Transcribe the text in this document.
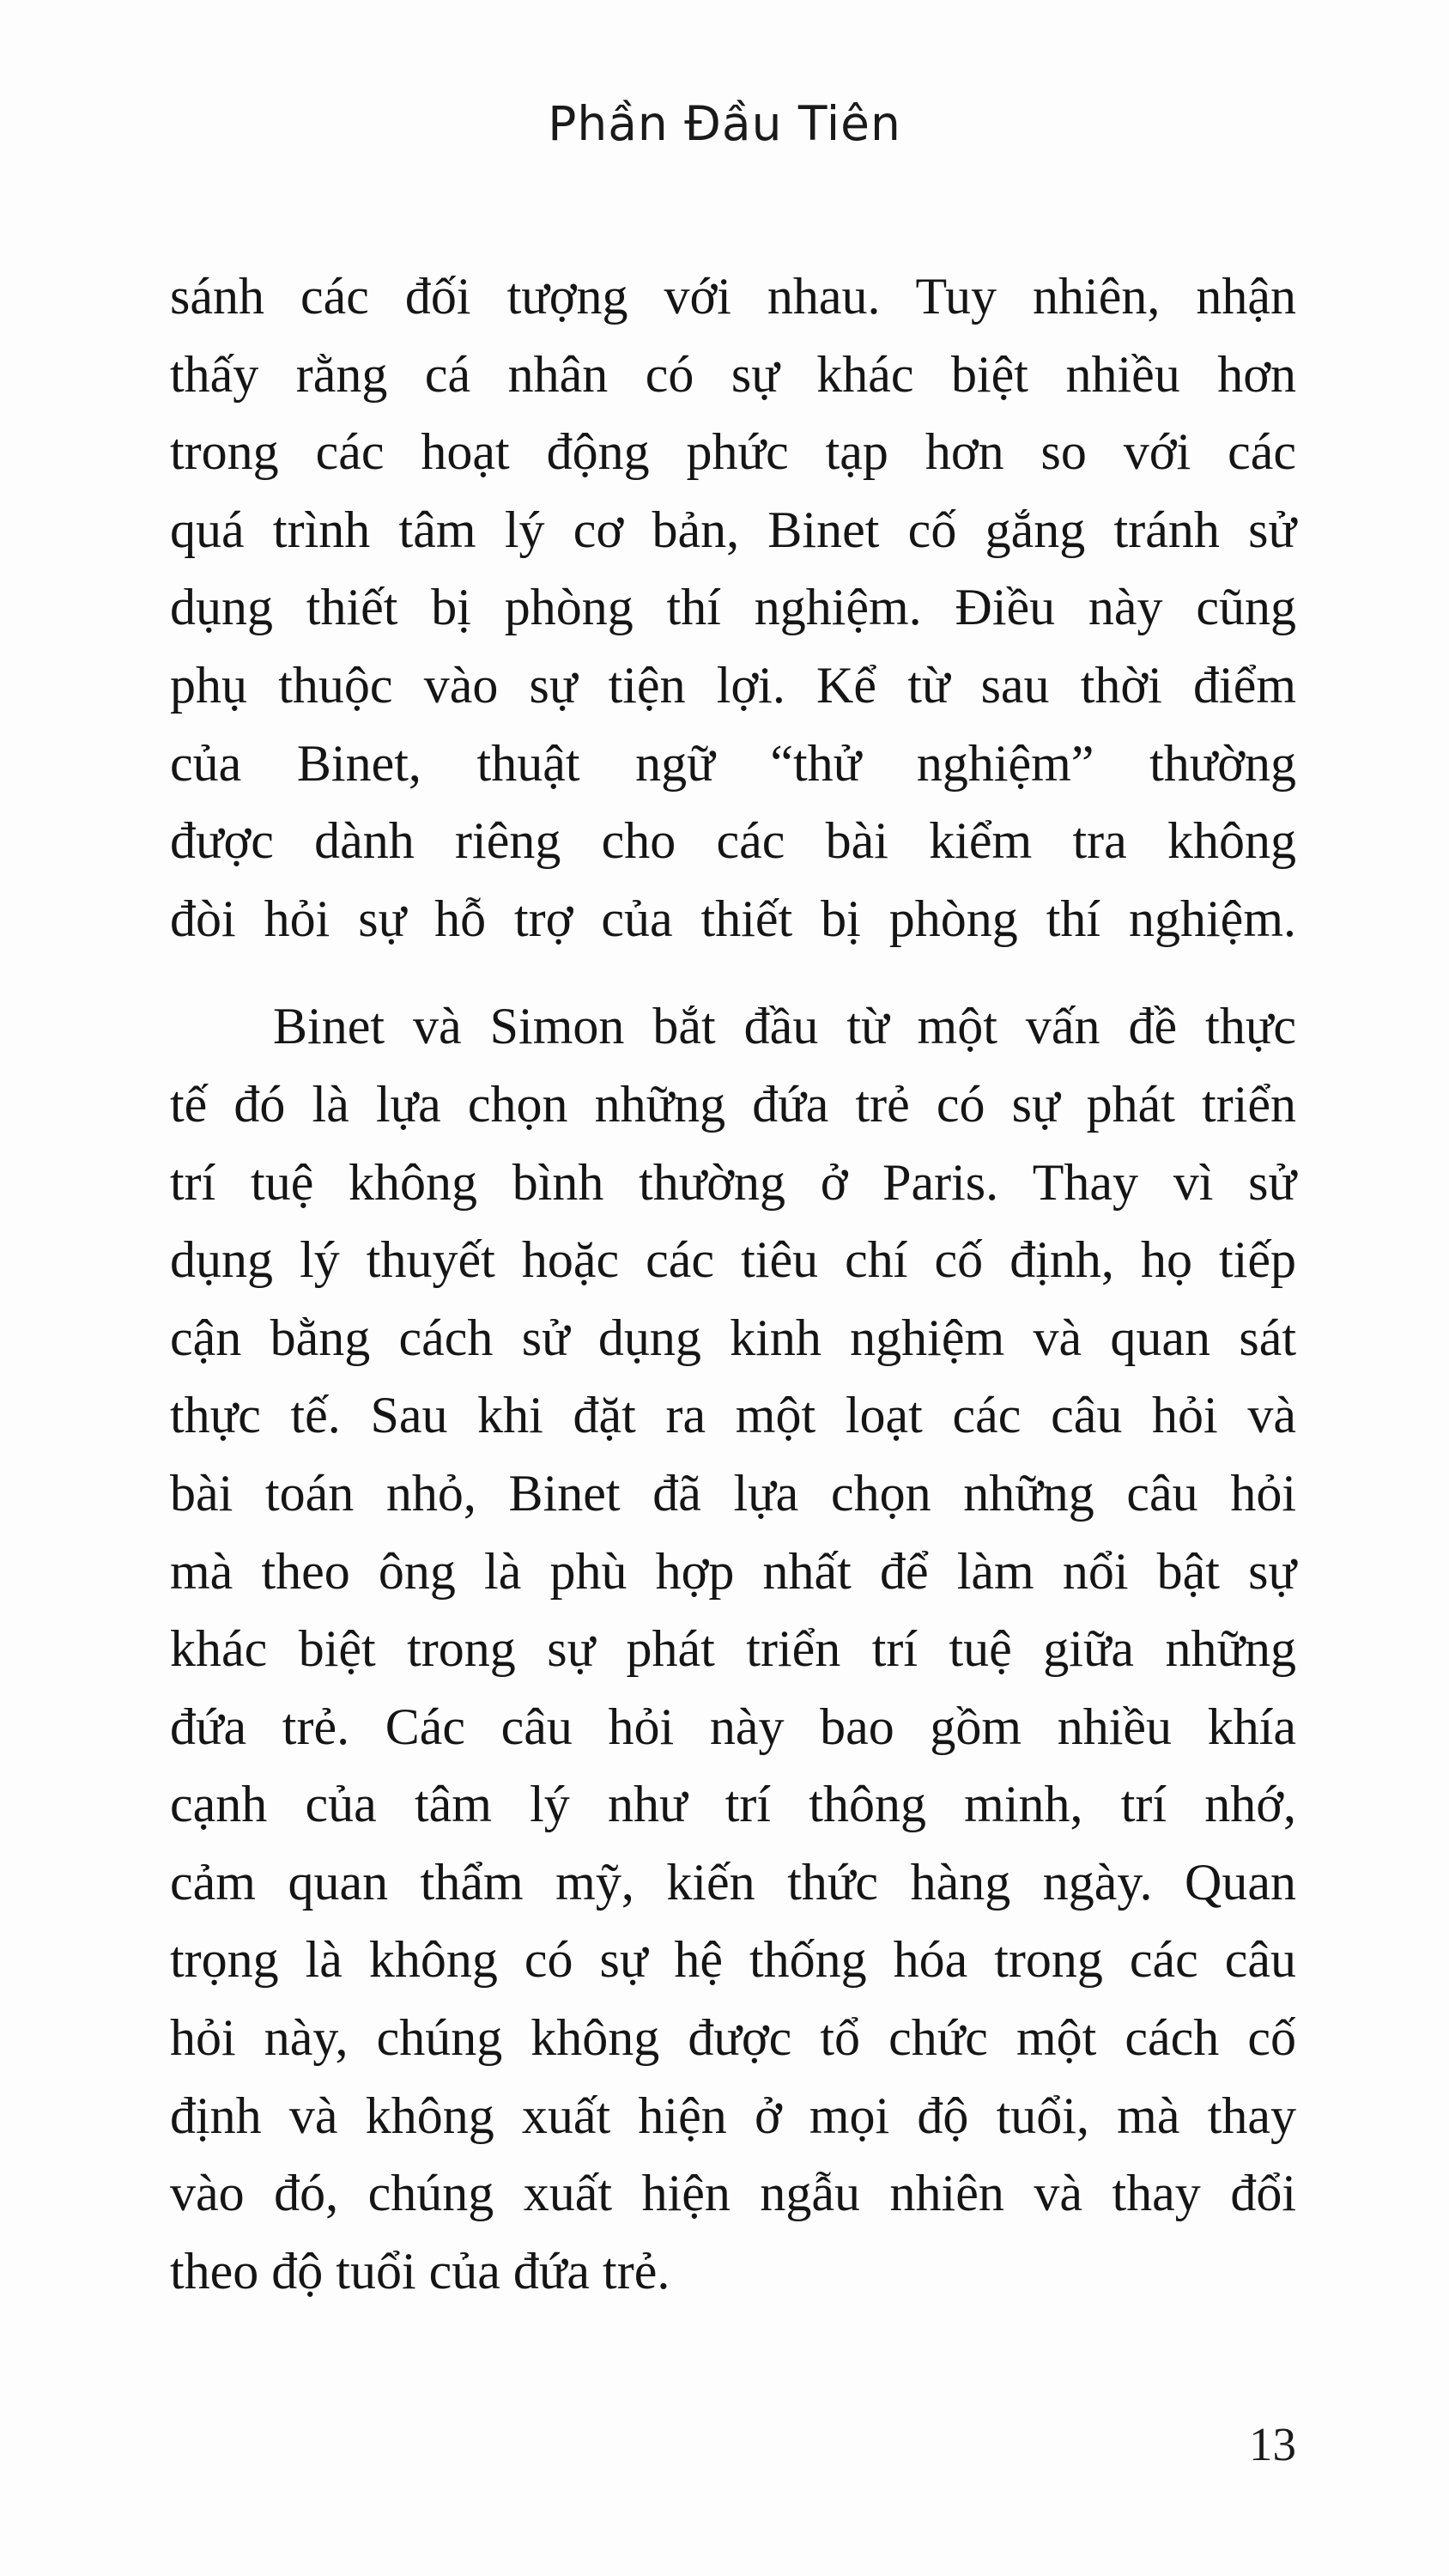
Phần Đầu Tiên
sánh các đối tượng với nhau. Tuy nhiên, nhận
thấy rằng cá nhân có sự khác biệt nhiều hơn
trong các hoạt động phức tạp hơn so với các
quá trình tâm lý cơ bản, Binet cố gắng tránh sử
dụng thiết bị phòng thí nghiệm. Điều này cũng
phụ thuộc vào sự tiện lợi. Kể từ sau thời điểm
của Binet, thuật ngữ “thử nghiệm” thường
được dành riêng cho các bài kiểm tra không
đòi hỏi sự hỗ trợ của thiết bị phòng thí nghiệm.
Binet và Simon bắt đầu từ một vấn đề thực
tế đó là lựa chọn những đứa trẻ có sự phát triển
trí tuệ không bình thường ở Paris. Thay vì sử
dụng lý thuyết hoặc các tiêu chí cố định, họ tiếp
cận bằng cách sử dụng kinh nghiệm và quan sát
thực tế. Sau khi đặt ra một loạt các câu hỏi và
bài toán nhỏ, Binet đã lựa chọn những câu hỏi
mà theo ông là phù hợp nhất để làm nổi bật sự
khác biệt trong sự phát triển trí tuệ giữa những
đứa trẻ. Các câu hỏi này bao gồm nhiều khía
cạnh của tâm lý như trí thông minh, trí nhớ,
cảm quan thẩm mỹ, kiến thức hàng ngày. Quan
trọng là không có sự hệ thống hóa trong các câu
hỏi này, chúng không được tổ chức một cách cố
định và không xuất hiện ở mọi độ tuổi, mà thay
vào đó, chúng xuất hiện ngẫu nhiên và thay đổi
theo độ tuổi của đứa trẻ.
13
